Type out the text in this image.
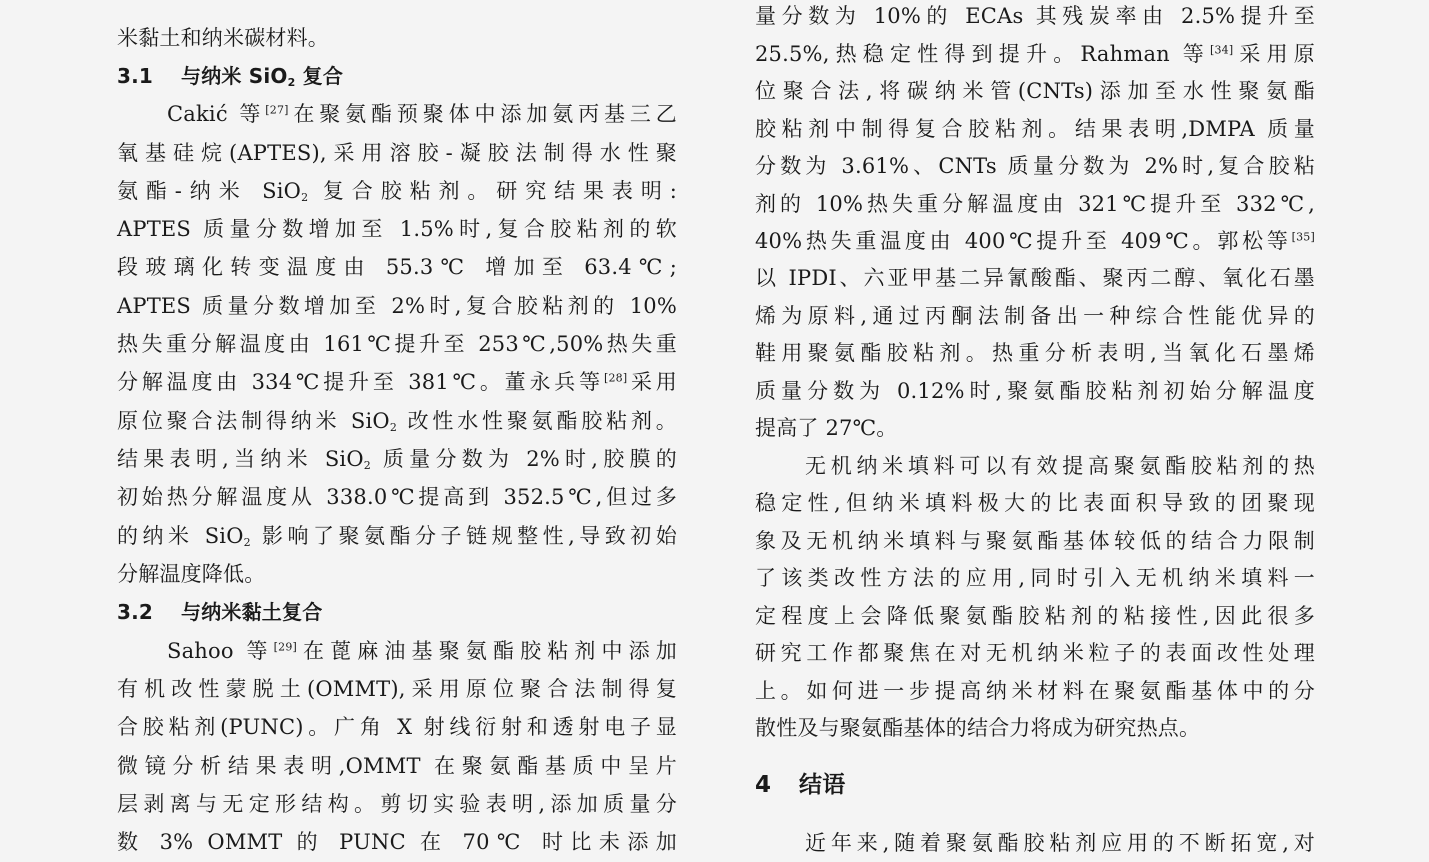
米黏土和纳米碳材料。
3.1 与纳米 SiO$_2$ 复合
Cakić 等[27]在聚氨酯预聚体中添加氨丙基三乙
氧基硅烷(APTES),采用溶胶-凝胶法制得水性聚
氨酯-纳米 SiO$_2$ 复合胶粘剂。研究结果表明:
APTES 质量分数增加至 1.5%时,复合胶粘剂的软
段玻璃化转变温度由 55.3℃ 增加至 63.4℃;
APTES 质量分数增加至 2%时,复合胶粘剂的 10%
热失重分解温度由 161℃提升至 253℃,50%热失重
分解温度由 334℃提升至 381℃。董永兵等[28]采用
原位聚合法制得纳米 SiO$_2$ 改性水性聚氨酯胶粘剂。
结果表明,当纳米 SiO$_2$ 质量分数为 2%时,胶膜的
初始热分解温度从 338.0℃提高到 352.5℃,但过多
的纳米 SiO$_2$ 影响了聚氨酯分子链规整性,导致初始
分解温度降低。
3.2 与纳米黏土复合
Sahoo 等[29]在蓖麻油基聚氨酯胶粘剂中添加
有机改性蒙脱土(OMMT),采用原位聚合法制得复
合胶粘剂(PUNC)。广角 X 射线衍射和透射电子显
微镜分析结果表明,OMMT 在聚氨酯基质中呈片
层剥离与无定形结构。剪切实验表明,添加质量分
数 3% OMMT 的 PUNC 在 70℃ 时比未添加
量分数为 10%的 ECAs 其残炭率由 2.5%提升至
25.5%,热稳定性得到提升。Rahman 等[34]采用原
位聚合法,将碳纳米管(CNTs)添加至水性聚氨酯
胶粘剂中制得复合胶粘剂。结果表明,DMPA 质量
分数为 3.61%、CNTs 质量分数为 2%时,复合胶粘
剂的 10%热失重分解温度由 321℃提升至 332℃,
40%热失重温度由 400℃提升至 409℃。郭松等[35]
以 IPDI、六亚甲基二异氰酸酯、聚丙二醇、氧化石墨
烯为原料,通过丙酮法制备出一种综合性能优异的
鞋用聚氨酯胶粘剂。热重分析表明,当氧化石墨烯
质量分数为 0.12%时,聚氨酯胶粘剂初始分解温度
提高了 27℃。
无机纳米填料可以有效提高聚氨酯胶粘剂的热
稳定性,但纳米填料极大的比表面积导致的团聚现
象及无机纳米填料与聚氨酯基体较低的结合力限制
了该类改性方法的应用,同时引入无机纳米填料一
定程度上会降低聚氨酯胶粘剂的粘接性,因此很多
研究工作都聚焦在对无机纳米粒子的表面改性处理
上。如何进一步提高纳米材料在聚氨酯基体中的分
散性及与聚氨酯基体的结合力将成为研究热点。
4 结语
近年来,随着聚氨酯胶粘剂应用的不断拓宽,对
